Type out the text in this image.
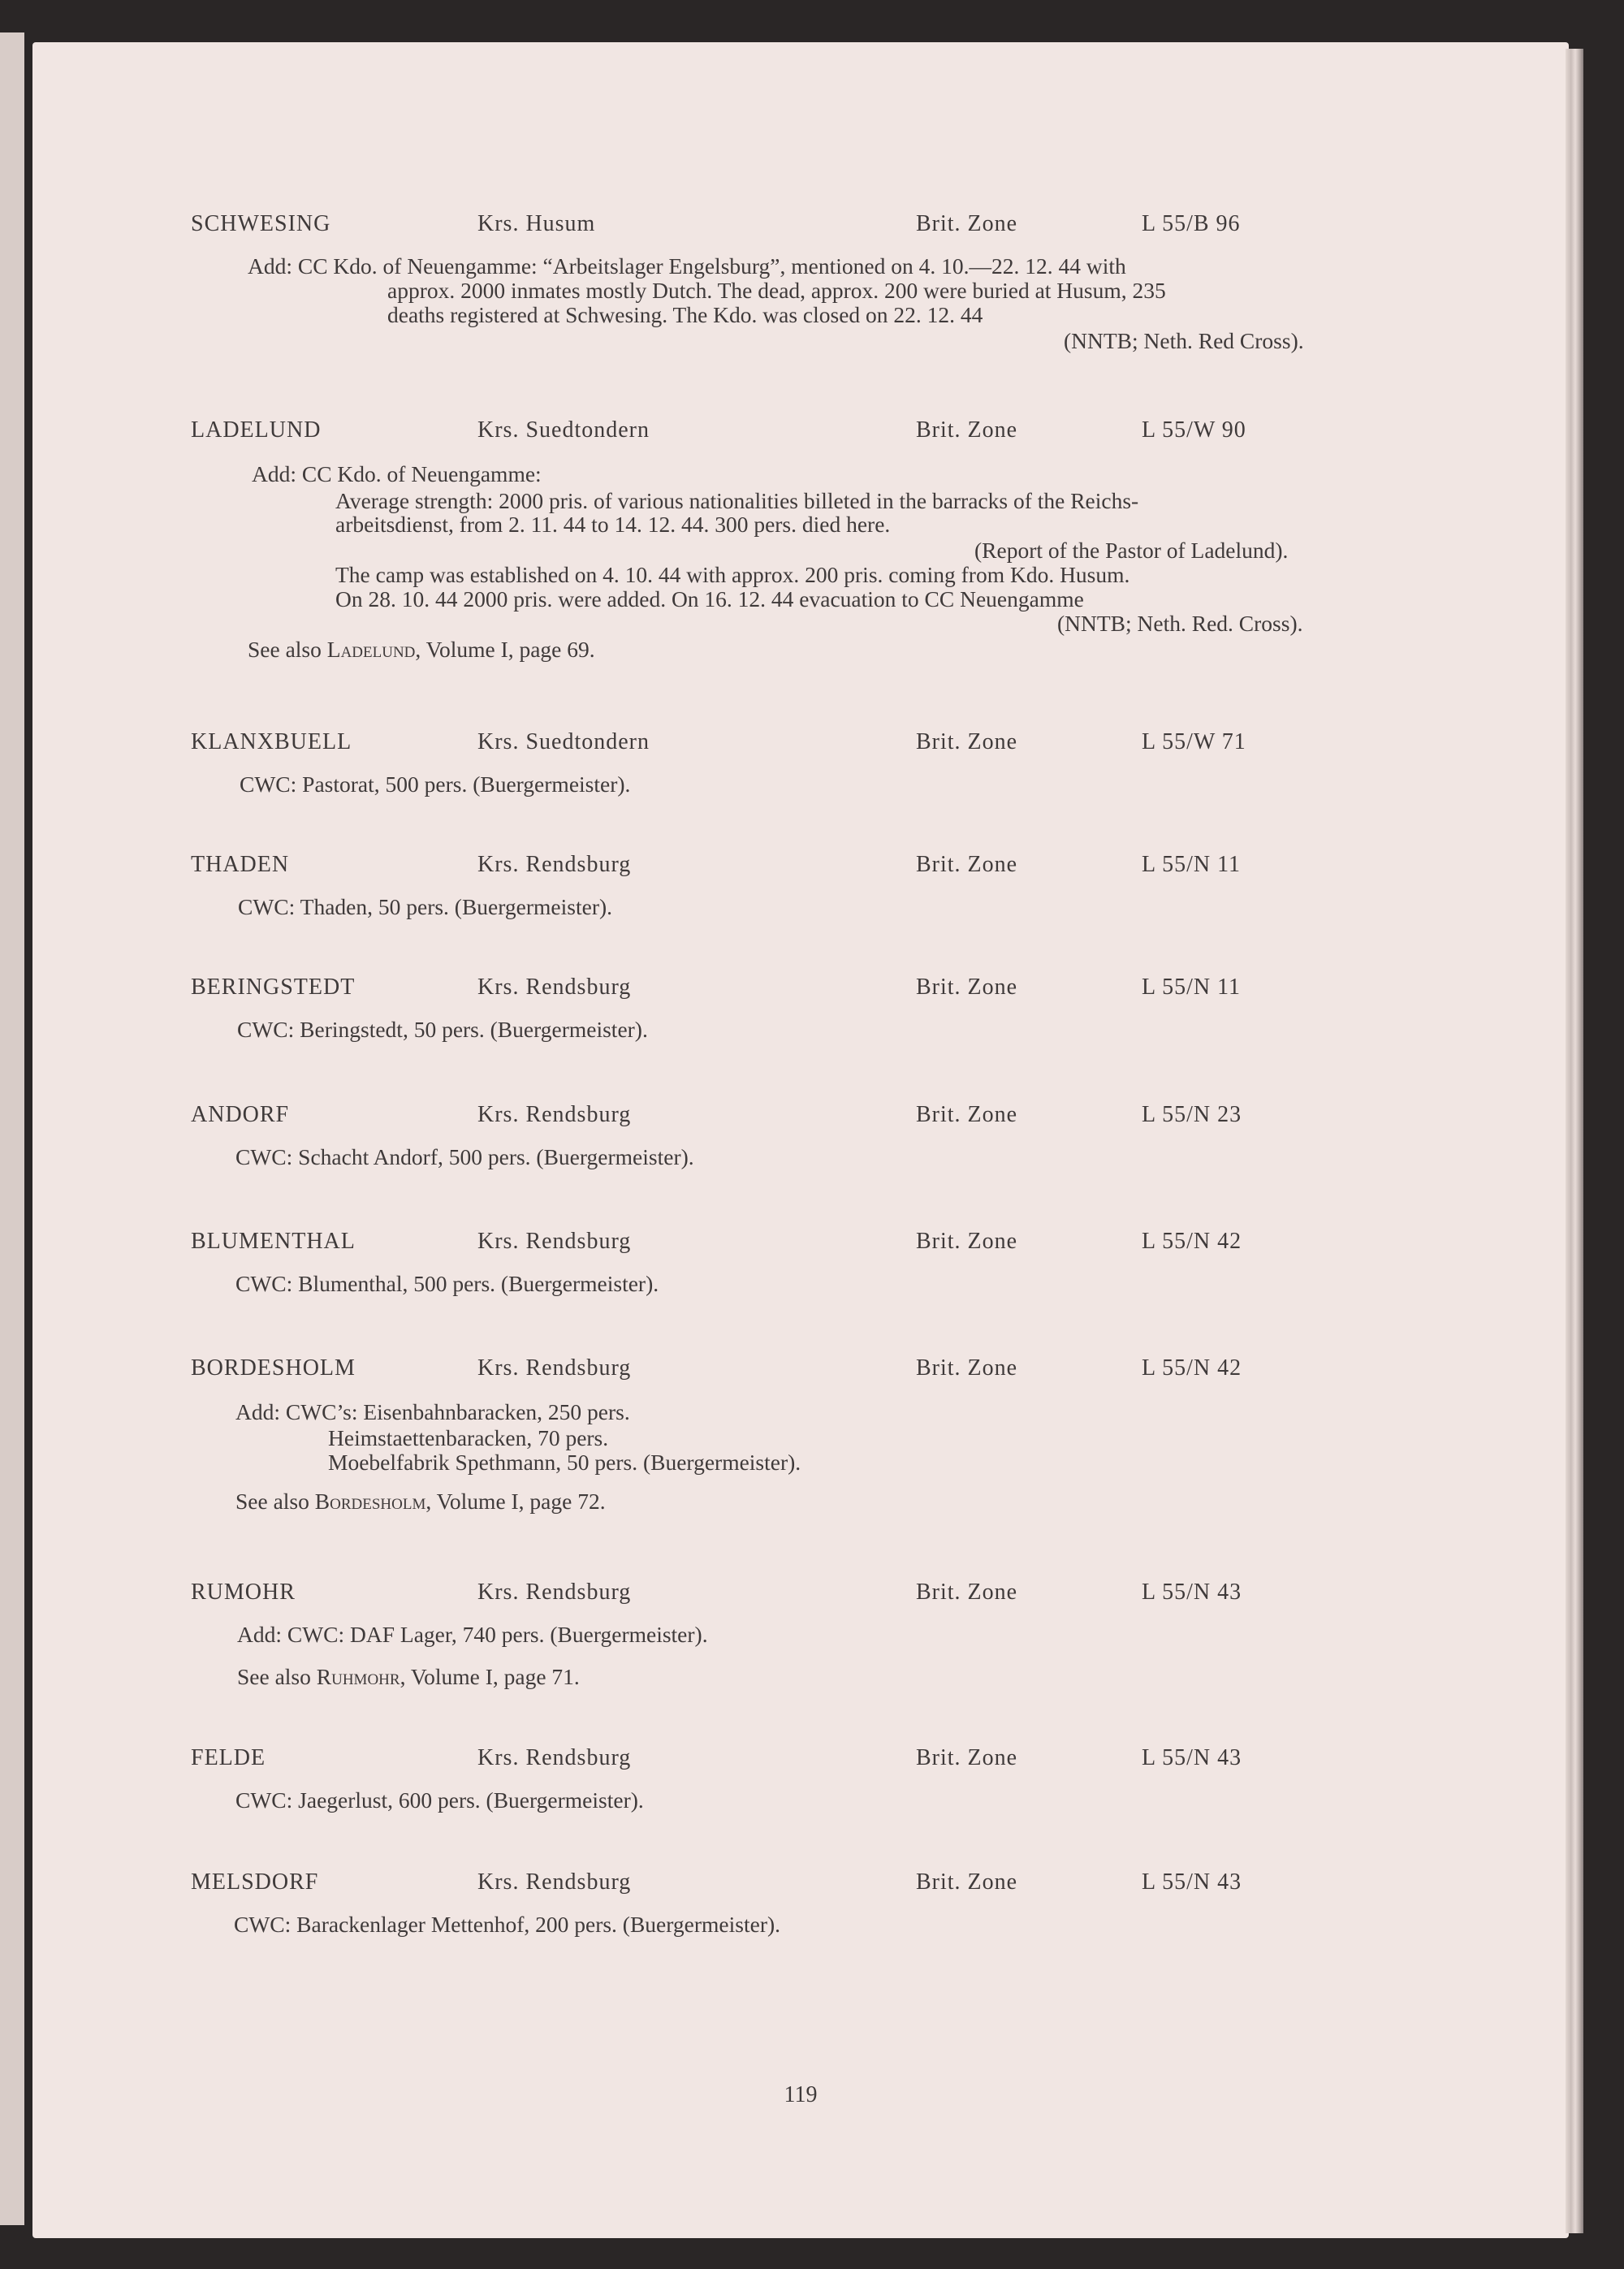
SCHWESING	Krs. Husum	Brit. Zone	L 55/B 96
Add: CC Kdo. of Neuengamme: “Arbeitslager Engelsburg”, mentioned on 4. 10.—22. 12. 44 with
approx. 2000 inmates mostly Dutch. The dead, approx. 200 were buried at Husum, 235
deaths registered at Schwesing. The Kdo. was closed on 22. 12. 44
(NNTB; Neth. Red Cross).
LADELUND	Krs. Suedtondern	Brit. Zone	L 55/W 90
Add: CC Kdo. of Neuengamme:
Average strength: 2000 pris. of various nationalities billeted in the barracks of the Reichs-
arbeitsdienst, from 2. 11. 44 to 14. 12. 44. 300 pers. died here.
(Report of the Pastor of Ladelund).
The camp was established on 4. 10. 44 with approx. 200 pris. coming from Kdo. Husum.
On 28. 10. 44 2000 pris. were added. On 16. 12. 44 evacuation to CC Neuengamme
(NNTB; Neth. Red. Cross).
See also Ladelund, Volume I, page 69.
KLANXBUELL	Krs. Suedtondern	Brit. Zone	L 55/W 71
CWC: Pastorat, 500 pers. (Buergermeister).
THADEN	Krs. Rendsburg	Brit. Zone	L 55/N 11
CWC: Thaden, 50 pers. (Buergermeister).
BERINGSTEDT	Krs. Rendsburg	Brit. Zone	L 55/N 11
CWC: Beringstedt, 50 pers. (Buergermeister).
ANDORF	Krs. Rendsburg	Brit. Zone	L 55/N 23
CWC: Schacht Andorf, 500 pers. (Buergermeister).
BLUMENTHAL	Krs. Rendsburg	Brit. Zone	L 55/N 42
CWC: Blumenthal, 500 pers. (Buergermeister).
BORDESHOLM	Krs. Rendsburg	Brit. Zone	L 55/N 42
Add: CWC’s: Eisenbahnbaracken, 250 pers.
Heimstaettenbaracken, 70 pers.
Moebelfabrik Spethmann, 50 pers. (Buergermeister).
See also Bordesholm, Volume I, page 72.
RUMOHR	Krs. Rendsburg	Brit. Zone	L 55/N 43
Add: CWC: DAF Lager, 740 pers. (Buergermeister).
See also Ruhmohr, Volume I, page 71.
FELDE	Krs. Rendsburg	Brit. Zone	L 55/N 43
CWC: Jaegerlust, 600 pers. (Buergermeister).
MELSDORF	Krs. Rendsburg	Brit. Zone	L 55/N 43
CWC: Barackenlager Mettenhof, 200 pers. (Buergermeister).
119
